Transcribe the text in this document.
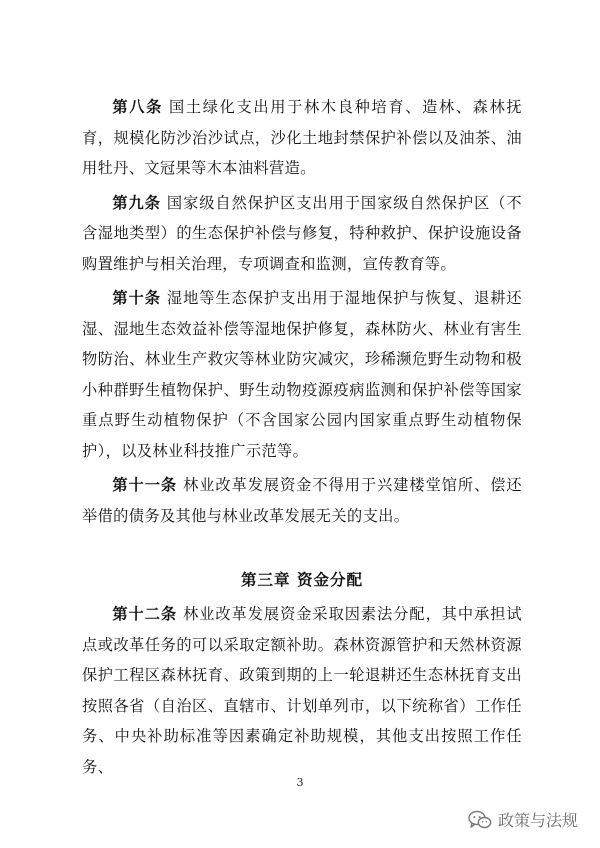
第八条 国土绿化支出用于林木良种培育、造林、森林抚育，规模化防沙治沙试点，沙化土地封禁保护补偿以及油茶、油用牡丹、文冠果等木本油料营造。

第九条 国家级自然保护区支出用于国家级自然保护区（不含湿地类型）的生态保护补偿与修复，特种救护、保护设施设备购置维护与相关治理，专项调查和监测，宣传教育等。

第十条 湿地等生态保护支出用于湿地保护与恢复、退耕还湿、湿地生态效益补偿等湿地保护修复，森林防火、林业有害生物防治、林业生产救灾等林业防灾减灾，珍稀濒危野生动物和极小种群野生植物保护、野生动物疫源疫病监测和保护补偿等国家重点野生动植物保护（不含国家公园内国家重点野生动植物保护），以及林业科技推广示范等。

第十一条 林业改革发展资金不得用于兴建楼堂馆所、偿还举借的债务及其他与林业改革发展无关的支出。

第三章 资金分配

第十二条 林业改革发展资金采取因素法分配，其中承担试点或改革任务的可以采取定额补助。森林资源管护和天然林资源保护工程区森林抚育、政策到期的上一轮退耕还生态林抚育支出按照各省（自治区、直辖市、计划单列市，以下统称省）工作任务、中央补助标准等因素确定补助规模，其他支出按照工作任务、

3
政策与法规
